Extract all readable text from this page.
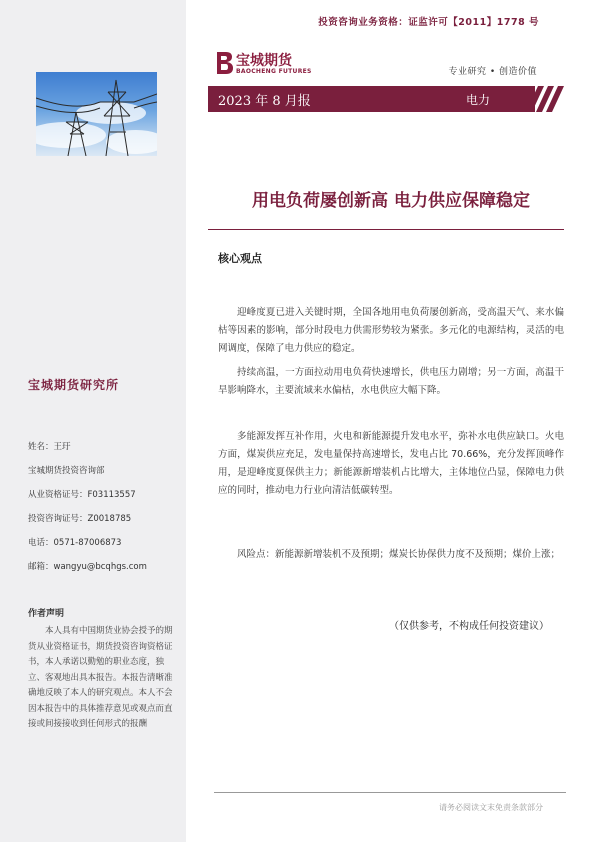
投资咨询业务资格：证监许可【2011】1778 号
宝城期货
BAOCHENG FUTURES	专业研究 • 创造价值
2023 年 8 月报	电力
用电负荷屡创新高 电力供应保障稳定
核心观点

迎峰度夏已进入关键时期，全国各地用电负荷屡创新高，受高温天气、来水偏枯等因素的影响，部分时段电力供需形势较为紧张。多元化的电源结构，灵活的电网调度，保障了电力供应的稳定。

持续高温，一方面拉动用电负荷快速增长，供电压力剧增；另一方面，高温干旱影响降水，主要流域来水偏枯，水电供应大幅下降。

多能源发挥互补作用，火电和新能源提升发电水平，弥补水电供应缺口。火电方面，煤炭供应充足，发电量保持高速增长，发电占比 70.66%，充分发挥顶峰作用，是迎峰度夏保供主力；新能源新增装机占比增大，主体地位凸显，保障电力供应的同时，推动电力行业向清洁低碳转型。

风险点：新能源新增装机不及预期；煤炭长协保供力度不及预期；煤价上涨；

（仅供参考，不构成任何投资建议）
宝城期货研究所
姓名：王玗
宝城期货投资咨询部
从业资格证号：F03113557
投资咨询证号：Z0018785
电话：0571-87006873
邮箱：wangyu@bcqhgs.com
作者声明

本人具有中国期货业协会授予的期货从业资格证书，期货投资咨询资格证书，本人承诺以勤勉的职业态度，独立、客观地出具本报告。本报告清晰准确地反映了本人的研究观点。本人不会因本报告中的具体推荐意见或观点而直接或间接接收到任何形式的报酬

请务必阅读文末免责条款部分
